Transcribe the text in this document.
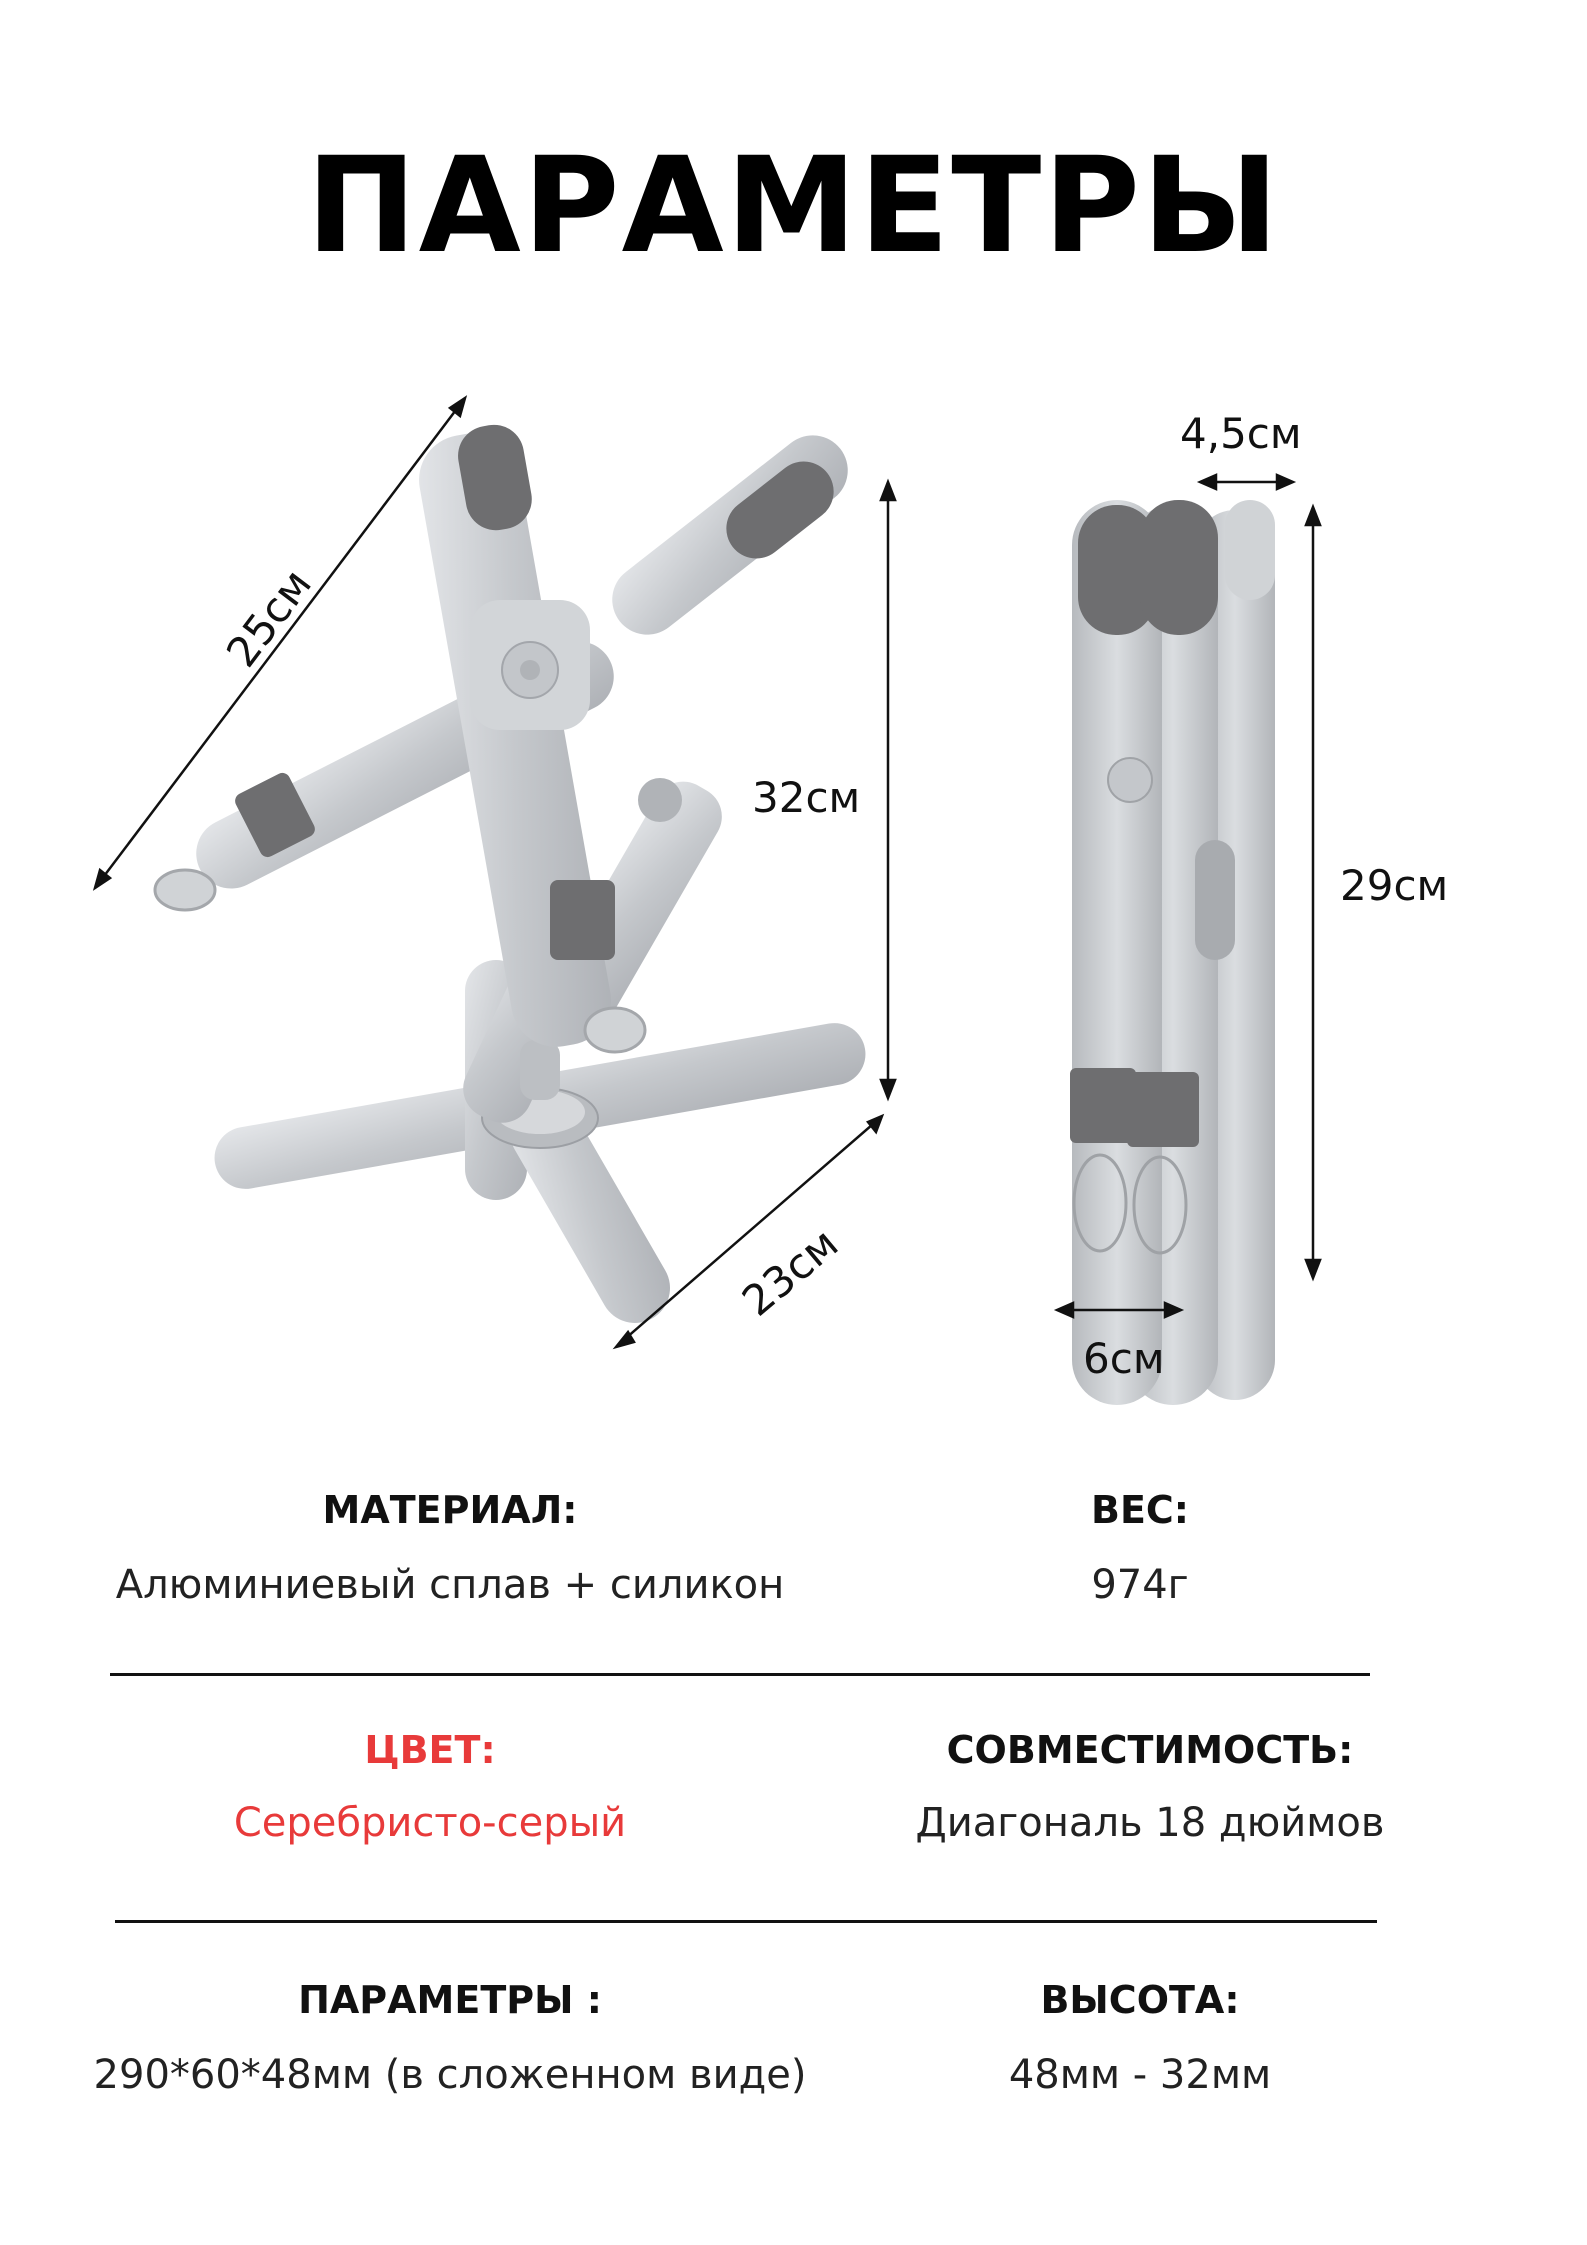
ПАРАМЕТРЫ
25см
32см
23см
4,5см
29см
6см
МАТЕРИАЛ:
Алюминиевый сплав + силикон
ВЕС:
974г
ЦВЕТ:
Серебристо-серый
СОВМЕСТИМОСТЬ:
Диагональ 18 дюймов
ПАРАМЕТРЫ :
290*60*48мм (в сложенном виде)
ВЫСОТА:
48мм - 32мм
